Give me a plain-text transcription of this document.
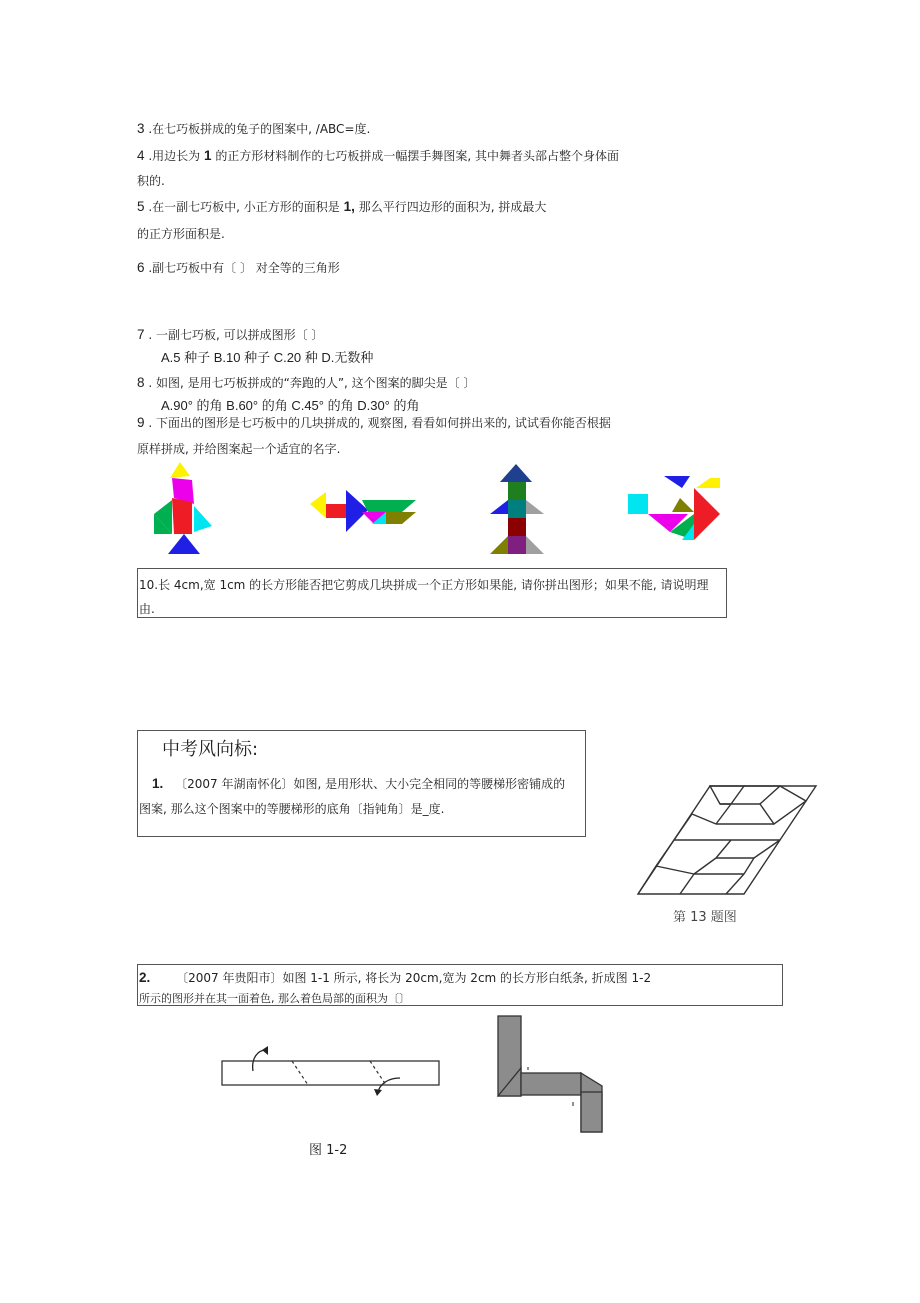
3 .在七巧板拼成的兔子的图案中, /ABC=度.
4 .用边长为 1 的正方形材料制作的七巧板拼成一幅摆手舞图案, 其中舞者头部占整个身体面
积的.
5 .在一副七巧板中, 小正方形的面积是 1, 那么平行四边形的面积为, 拼成最大
的正方形面积是.
6 .副七巧板中有〔 〕 对全等的三角形
7 . 一副七巧板, 可以拼成图形〔 〕
A.5 种子 B.10 种子 C.20 种 D.无数种
8 . 如图, 是用七巧板拼成的“奔跑的人”, 这个图案的脚尖是〔 〕
A.90° 的角 B.60° 的角 C.45° 的角 D.30° 的角
9 . 下面出的图形是七巧板中的几块拼成的, 观察图, 看看如何拼出来的, 试试看你能否根据
原样拼成, 并给图案起一个适宜的名字.
10.长 4cm,宽 1cm 的长方形能否把它剪成几块拼成一个正方形如果能, 请你拼出图形；如果不能, 请说明理
由.
中考风向标:
1. 〔2007 年湖南怀化〕如图, 是用形状、大小完全相同的等腰梯形密铺成的
图案, 那么这个图案中的等腰梯形的底角〔指钝角〕是_度.
第 13 题图
2. 〔2007 年贵阳市〕如图 1-1 所示, 将长为 20cm,宽为 2cm 的长方形白纸条, 折成图 1-2
所示的图形并在其一面着色, 那么着色局部的面积为〔〕
图 1-2
